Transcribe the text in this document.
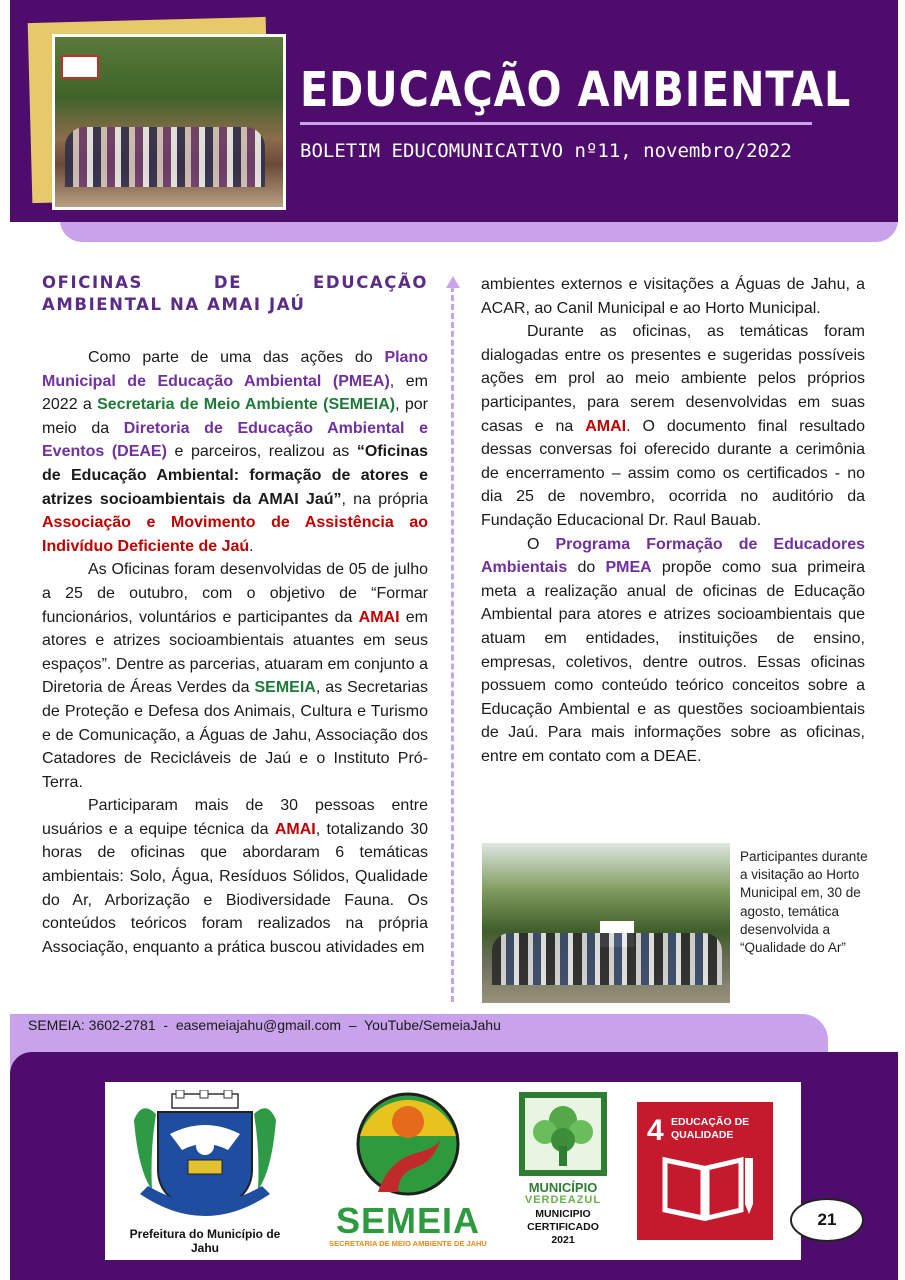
EDUCAÇÃO AMBIENTAL

BOLETIM EDUCOMUNICATIVO nº11, novembro/2022

OFICINAS DE EDUCAÇÃO AMBIENTAL NA AMAI JAÚ

Como parte de uma das ações do Plano Municipal de Educação Ambiental (PMEA), em 2022 a Secretaria de Meio Ambiente (SEMEIA), por meio da Diretoria de Educação Ambiental e Eventos (DEAE) e parceiros, realizou as “Oficinas de Educação Ambiental: formação de atores e atrizes socioambientais da AMAI Jaú”, na própria Associação e Movimento de Assistência ao Indivíduo Deficiente de Jaú.

As Oficinas foram desenvolvidas de 05 de julho a 25 de outubro, com o objetivo de “Formar funcionários, voluntários e participantes da AMAI em atores e atrizes socioambientais atuantes em seus espaços”. Dentre as parcerias, atuaram em conjunto a Diretoria de Áreas Verdes da SEMEIA, as Secretarias de Proteção e Defesa dos Animais, Cultura e Turismo e de Comunicação, a Águas de Jahu, Associação dos Catadores de Recicláveis de Jaú e o Instituto Pró-Terra.

Participaram mais de 30 pessoas entre usuários e a equipe técnica da AMAI, totalizando 30 horas de oficinas que abordaram 6 temáticas ambientais: Solo, Água, Resíduos Sólidos, Qualidade do Ar, Arborização e Biodiversidade Fauna. Os conteúdos teóricos foram realizados na própria Associação, enquanto a prática buscou atividades em

ambientes externos e visitações a Águas de Jahu, a ACAR, ao Canil Municipal e ao Horto Municipal.

Durante as oficinas, as temáticas foram dialogadas entre os presentes e sugeridas possíveis ações em prol ao meio ambiente pelos próprios participantes, para serem desenvolvidas em suas casas e na AMAI. O documento final resultado dessas conversas foi oferecido durante a cerimônia de encerramento – assim como os certificados - no dia 25 de novembro, ocorrida no auditório da Fundação Educacional Dr. Raul Bauab.

O Programa Formação de Educadores Ambientais do PMEA propõe como sua primeira meta a realização anual de oficinas de Educação Ambiental para atores e atrizes socioambientais que atuam em entidades, instituições de ensino, empresas, coletivos, dentre outros. Essas oficinas possuem como conteúdo teórico conceitos sobre a Educação Ambiental e as questões socioambientais de Jaú. Para mais informações sobre as oficinas, entre em contato com a DEAE.

Participantes durante a visitação ao Horto Municipal em, 30 de agosto, temática desenvolvida a “Qualidade do Ar”

SEMEIA: 3602-2781  -  easemeiajahu@gmail.com  –  YouTube/SemeiaJahu

Prefeitura do Município de Jahu
SEMEIA
SECRETARIA DE MEIO AMBIENTE DE JAHU
MUNICÍPIO
VERDEAZUL
MUNICIPIO
CERTIFICADO
2021
4 EDUCAÇÃO DE QUALIDADE
21
